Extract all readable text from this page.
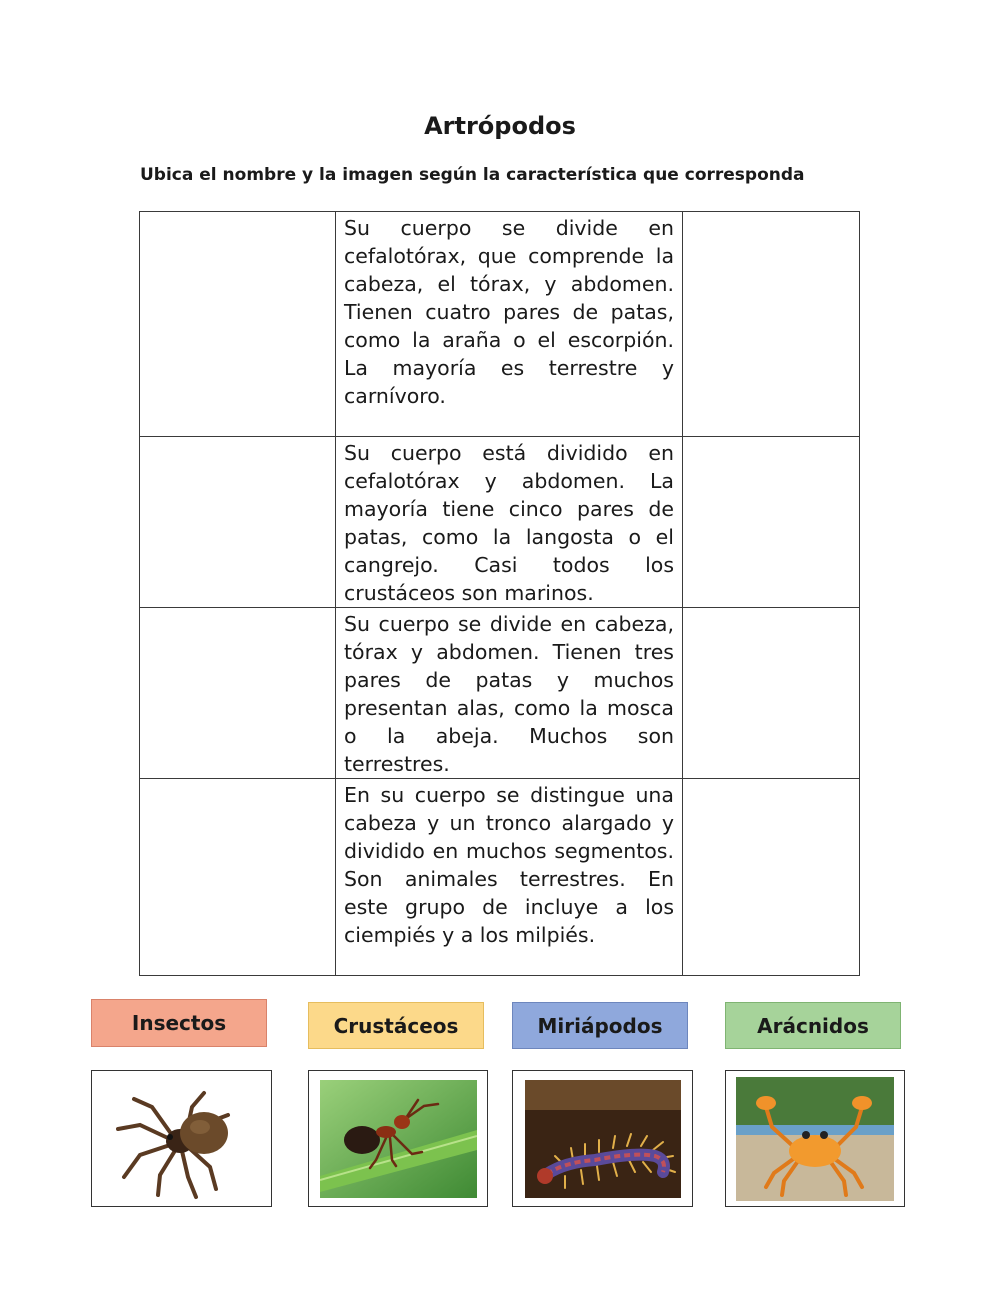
Artrópodos

Ubica el nombre y la imagen según la característica que corresponda

	Su cuerpo se divide en cefalotórax, que comprende la cabeza, el tórax, y abdomen. Tienen cuatro pares de patas, como la araña o el escorpión. La mayoría es terrestre y carnívoro.	
	Su cuerpo está dividido en cefalotórax y abdomen. La mayoría tiene cinco pares de patas, como la langosta o el cangrejo. Casi todos los crustáceos son marinos.	
	Su cuerpo se divide en cabeza, tórax y abdomen. Tienen tres pares de patas y muchos presentan alas, como la mosca o la abeja. Muchos son terrestres.	
	En su cuerpo se distingue una cabeza y un tronco alargado y dividido en muchos segmentos. Son animales terrestres. En este grupo de incluye a los ciempiés y a los milpiés.	
Insectos	Crustáceos	Miriápodos	Arácnidos
